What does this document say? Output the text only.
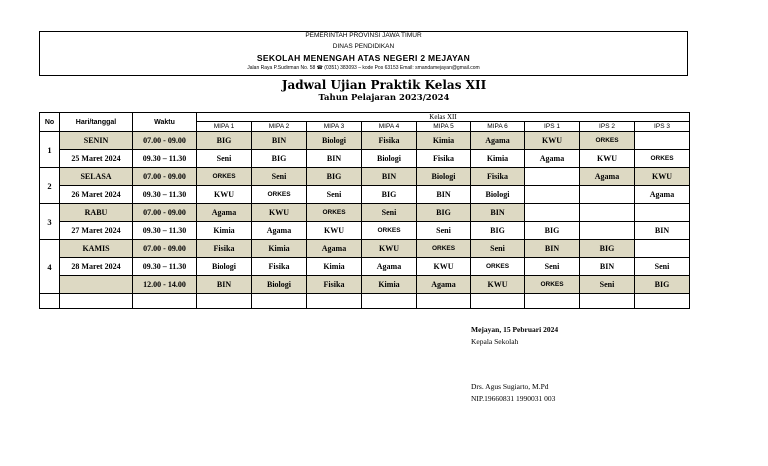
PEMERINTAH PROVINSI JAWA TIMUR
DINAS PENDIDIKAN
SEKOLAH MENENGAH ATAS NEGERI 2 MEJAYAN
Jalan Raya P.Sudirman No. 58 ☎ (0351) 383093 – kode Pos 63153 Email: smandamejayan@gmail.com
Jadwal Ujian Praktik Kelas XII
Tahun Pelajaran 2023/2024
No	Hari/tanggal	Waktu	Kelas XII								
			MIPA 1	MIPA 2	MIPA 3	MIPA 4	MIPA 5	MIPA 6	IPS 1	IPS 2	IPS 3
1	SENIN	07.00 - 09.00	BIG	BIN	Biologi	Fisika	Kimia	Agama	KWU	ORKES	
	25 Maret 2024	09.30 – 11.30	Seni	BIG	BIN	Biologi	Fisika	Kimia	Agama	KWU	ORKES
2	SELASA	07.00 - 09.00	ORKES	Seni	BIG	BIN	Biologi	Fisika		Agama	KWU
	26 Maret 2024	09.30 – 11.30	KWU	ORKES	Seni	BIG	BIN	Biologi			Agama
3	RABU	07.00 - 09.00	Agama	KWU	ORKES	Seni	BIG	BIN			
	27 Maret 2024	09.30 – 11.30	Kimia	Agama	KWU	ORKES	Seni	BIG	BIG		BIN
4	KAMIS	07.00 - 09.00	Fisika	Kimia	Agama	KWU	ORKES	Seni	BIN	BIG	
	28 Maret 2024	09.30 – 11.30	Biologi	Fisika	Kimia	Agama	KWU	ORKES	Seni	BIN	Seni
		12.00 - 14.00	BIN	Biologi	Fisika	Kimia	Agama	KWU	ORKES	Seni	BIG

Mejayan, 15 Pebruari 2024
Kepala Sekolah
Drs. Agus Sugiarto, M.Pd
NIP.19660831 1990031 003
